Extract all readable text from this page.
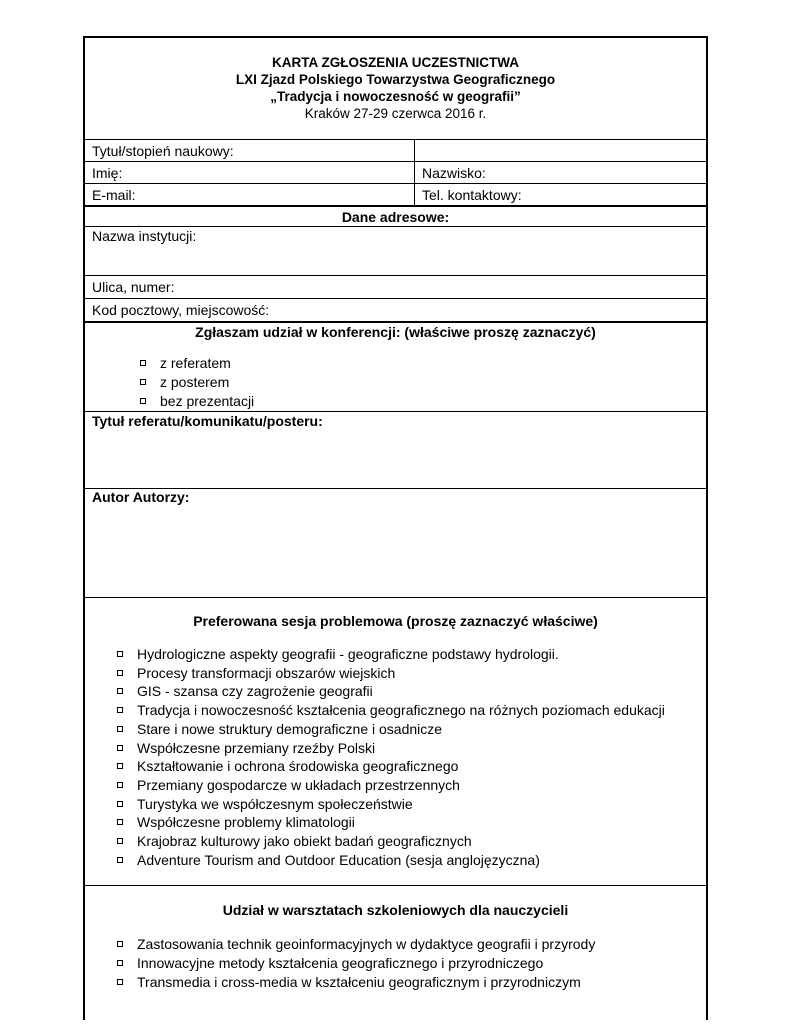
KARTA ZGŁOSZENIA UCZESTNICTWA
LXI Zjazd Polskiego Towarzystwa Geograficznego
„Tradycja i nowoczesność w geografii”
Kraków 27-29 czerwca 2016 r.
Tytuł/stopień naukowy:
Imię:	Nazwisko:
E-mail:	Tel. kontaktowy:
Dane adresowe:
Nazwa instytucji:
Ulica, numer:
Kod pocztowy, miejscowość:
Zgłaszam udział w konferencji: (właściwe proszę zaznaczyć)
z referatem
z posterem
bez prezentacji
Tytuł referatu/komunikatu/posteru:
Autor Autorzy:
Preferowana sesja problemowa (proszę zaznaczyć właściwe)
Hydrologiczne aspekty geografii - geograficzne podstawy hydrologii.
Procesy transformacji obszarów wiejskich
GIS - szansa czy zagrożenie geografii
Tradycja i nowoczesność kształcenia geograficznego na różnych poziomach edukacji
Stare i nowe struktury demograficzne i osadnicze
Współczesne przemiany rzeźby Polski
Kształtowanie i ochrona środowiska geograficznego
Przemiany gospodarcze w układach przestrzennych
Turystyka we współczesnym społeczeństwie
Współczesne problemy klimatologii
Krajobraz kulturowy jako obiekt badań geograficznych
Adventure Tourism and Outdoor Education (sesja anglojęzyczna)
Udział w warsztatach szkoleniowych dla nauczycieli
Zastosowania technik geoinformacyjnych w dydaktyce geografii i przyrody
Innowacyjne metody kształcenia geograficznego i przyrodniczego
Transmedia i cross-media w kształceniu geograficznym i przyrodniczym
